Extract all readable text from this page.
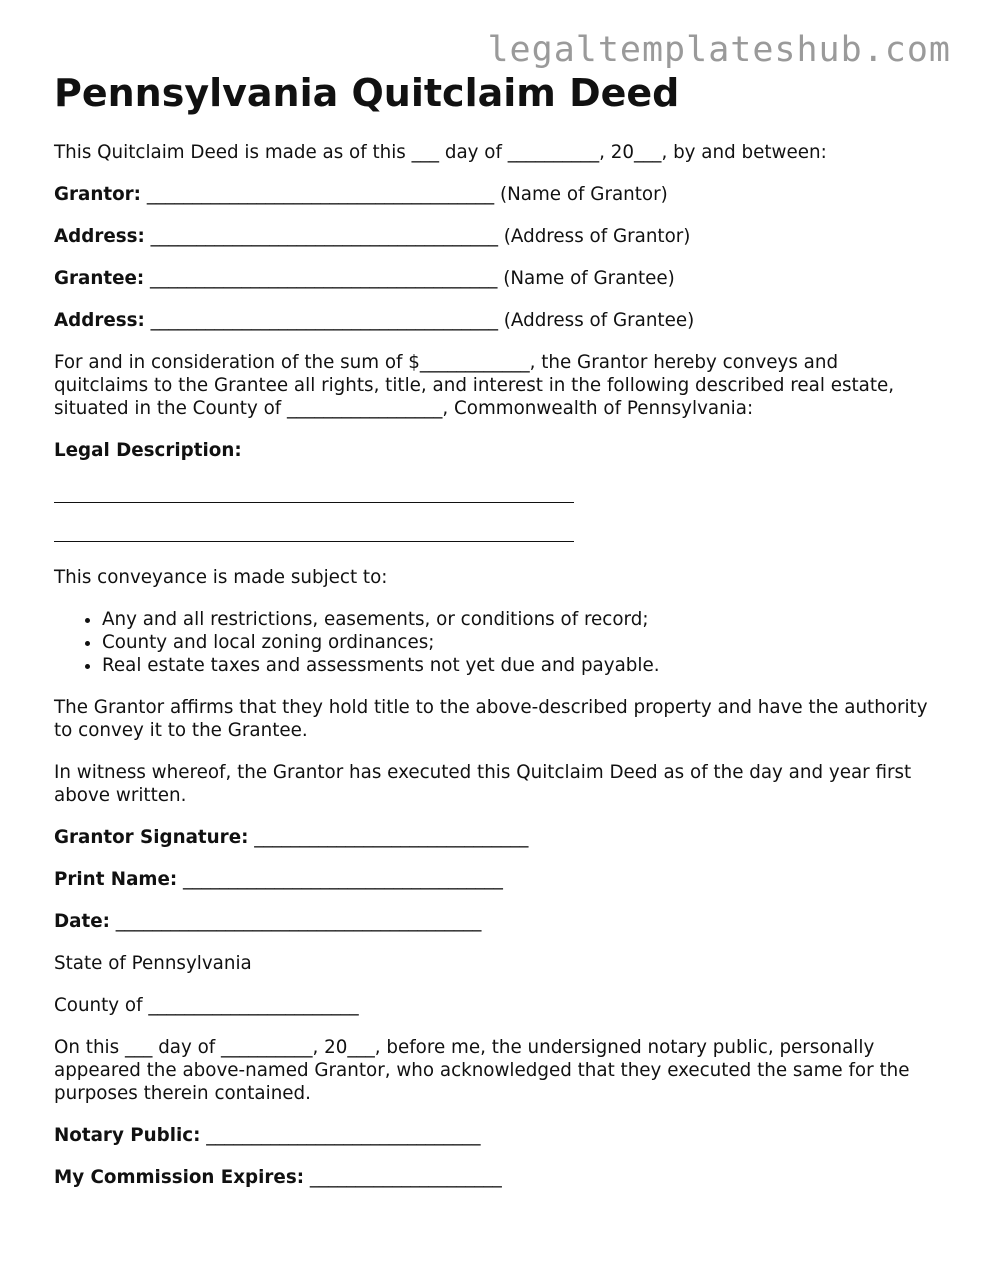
legaltemplateshub.com
Pennsylvania Quitclaim Deed

This Quitclaim Deed is made as of this ___ day of __________, 20___, by and between:

Grantor: ______________________________________ (Name of Grantor)

Address: ______________________________________ (Address of Grantor)

Grantee: ______________________________________ (Name of Grantee)

Address: ______________________________________ (Address of Grantee)

For and in consideration of the sum of $____________, the Grantor hereby conveys and quitclaims to the Grantee all rights, title, and interest in the following described real estate, situated in the County of _________________, Commonwealth of Pennsylvania:

Legal Description:

This conveyance is made subject to:

• Any and all restrictions, easements, or conditions of record;
• County and local zoning ordinances;
• Real estate taxes and assessments not yet due and payable.

The Grantor affirms that they hold title to the above-described property and have the authority to convey it to the Grantee.

In witness whereof, the Grantor has executed this Quitclaim Deed as of the day and year first above written.

Grantor Signature: ______________________________

Print Name: ___________________________________

Date: ________________________________________

State of Pennsylvania

County of _______________________

On this ___ day of __________, 20___, before me, the undersigned notary public, personally appeared the above-named Grantor, who acknowledged that they executed the same for the purposes therein contained.

Notary Public: ______________________________

My Commission Expires: _____________________
